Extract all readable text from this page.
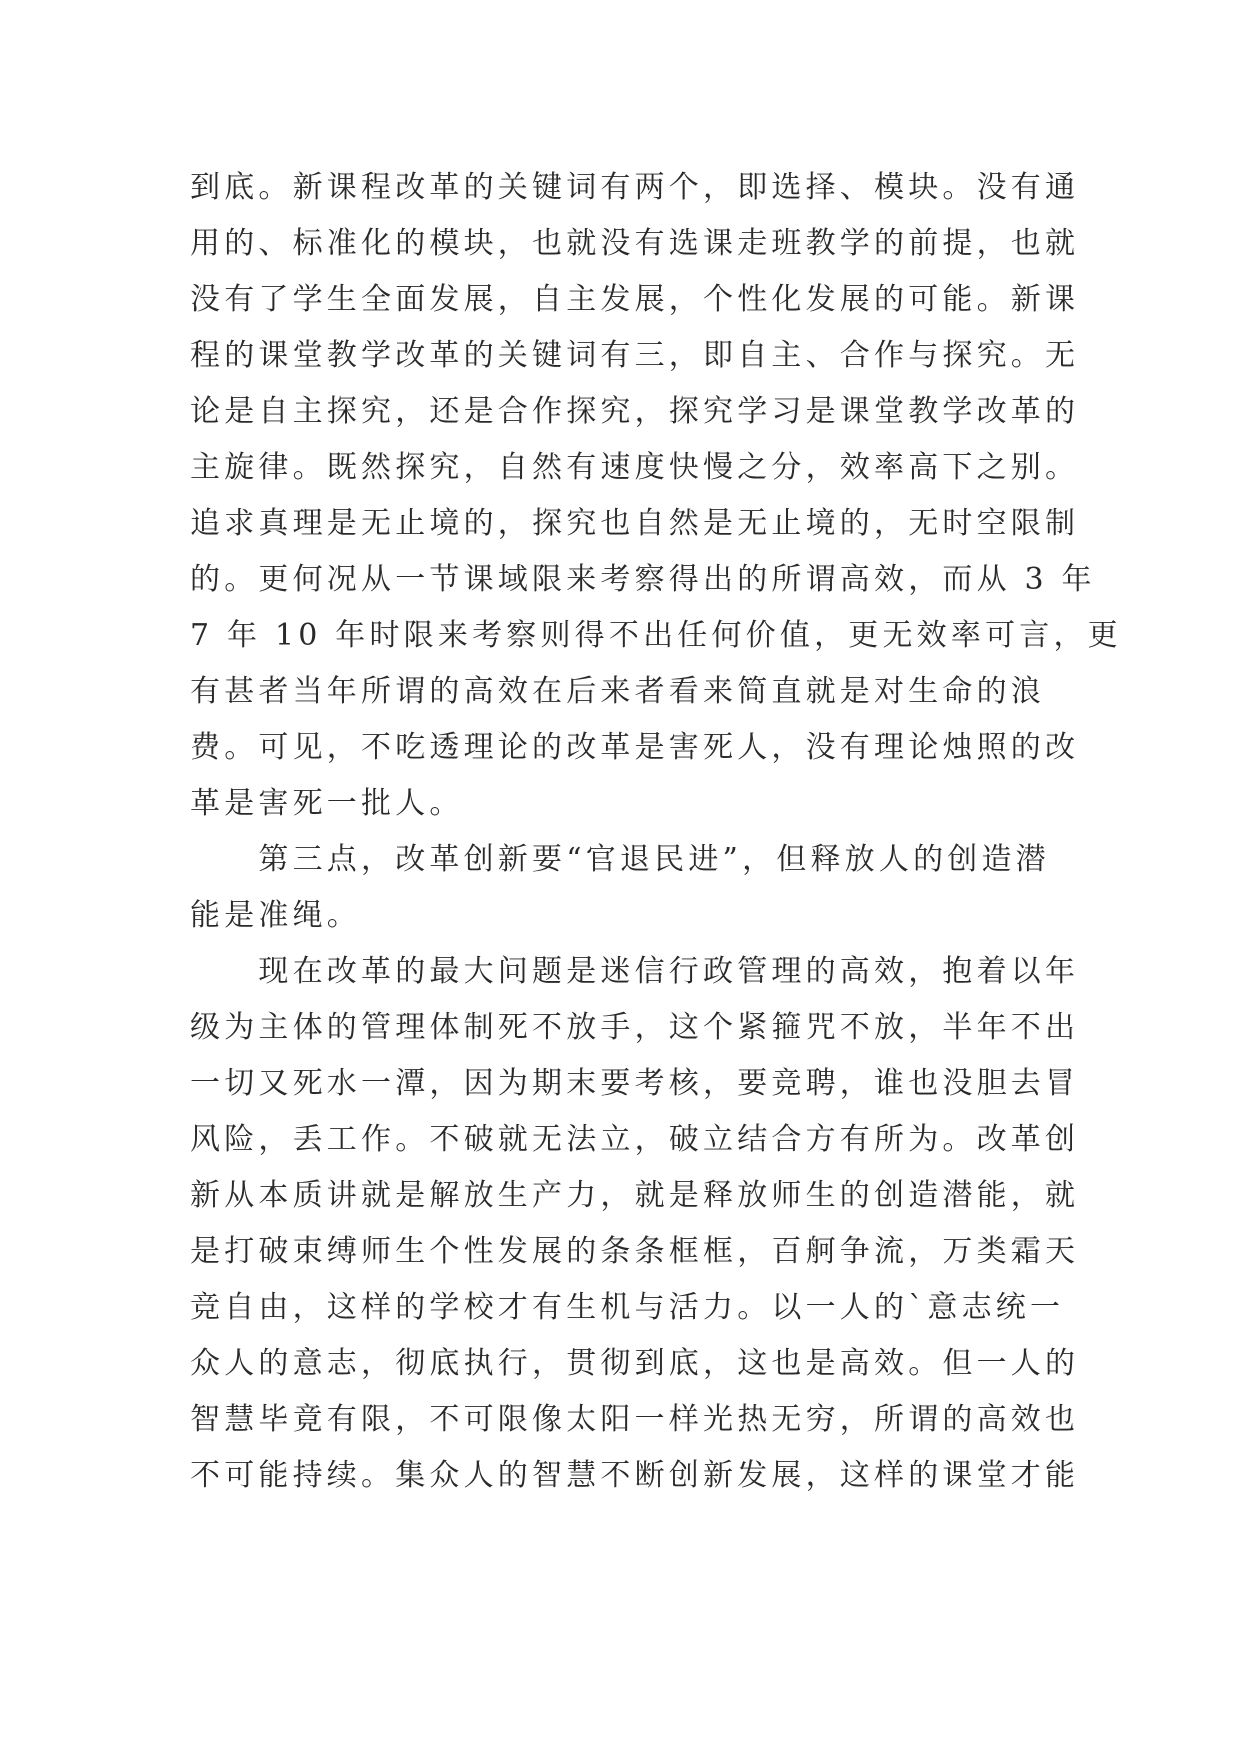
到底。新课程改革的关键词有两个，即选择、模块。没有通
用的、标准化的模块，也就没有选课走班教学的前提，也就
没有了学生全面发展，自主发展，个性化发展的可能。新课
程的课堂教学改革的关键词有三，即自主、合作与探究。无
论是自主探究，还是合作探究，探究学习是课堂教学改革的
主旋律。既然探究，自然有速度快慢之分，效率高下之别。
追求真理是无止境的，探究也自然是无止境的，无时空限制
的。更何况从一节课域限来考察得出的所谓高效，而从 3 年
7 年 10 年时限来考察则得不出任何价值，更无效率可言，更
有甚者当年所谓的高效在后来者看来简直就是对生命的浪
费。可见，不吃透理论的改革是害死人，没有理论烛照的改
革是害死一批人。
　　第三点，改革创新要“官退民进”，但释放人的创造潜
能是准绳。
　　现在改革的最大问题是迷信行政管理的高效，抱着以年
级为主体的管理体制死不放手，这个紧箍咒不放，半年不出
一切又死水一潭，因为期末要考核，要竞聘，谁也没胆去冒
风险，丢工作。不破就无法立，破立结合方有所为。改革创
新从本质讲就是解放生产力，就是释放师生的创造潜能，就
是打破束缚师生个性发展的条条框框，百舸争流，万类霜天
竞自由，这样的学校才有生机与活力。以一人的`意志统一
众人的意志，彻底执行，贯彻到底，这也是高效。但一人的
智慧毕竟有限，不可限像太阳一样光热无穷，所谓的高效也
不可能持续。集众人的智慧不断创新发展，这样的课堂才能
